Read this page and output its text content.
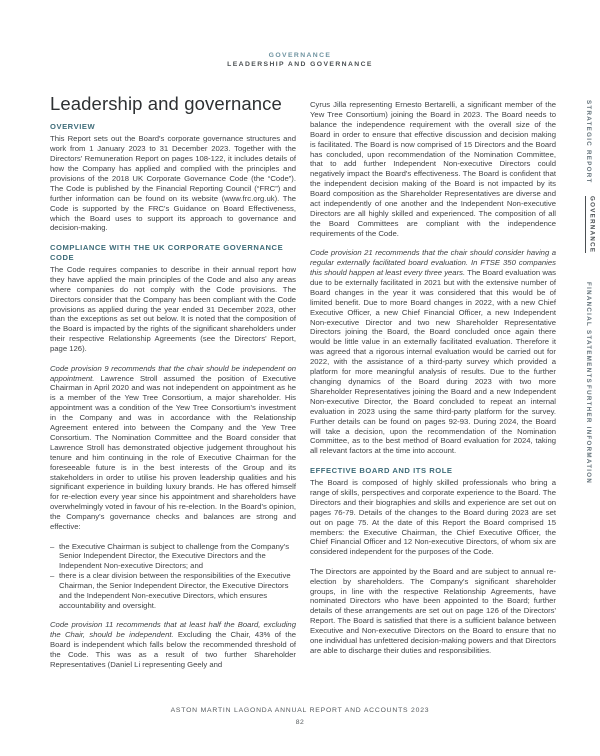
GOVERNANCE
LEADERSHIP AND GOVERNANCE
Leadership and governance
OVERVIEW

This Report sets out the Board's corporate governance structures and work from 1 January 2023 to 31 December 2023. Together with the Directors' Remuneration Report on pages 108-122, it includes details of how the Company has applied and complied with the principles and provisions of the 2018 UK Corporate Governance Code (the “Code”). The Code is published by the Financial Reporting Council (“FRC”) and further information can be found on its website (www.frc.org.uk). The Code is supported by the FRC's Guidance on Board Effectiveness, which the Board uses to support its approach to governance and decision-making.

COMPLIANCE WITH THE UK CORPORATE GOVERNANCE CODE

The Code requires companies to describe in their annual report how they have applied the main principles of the Code and also any areas where companies do not comply with the Code provisions. The Directors consider that the Company has been compliant with the Code provisions as applied during the year ended 31 December 2023, other than the exceptions as set out below. It is noted that the composition of the Board is impacted by the rights of the significant shareholders under their respective Relationship Agreements (see the Directors' Report, page 126).

Code provision 9 recommends that the chair should be independent on appointment. Lawrence Stroll assumed the position of Executive Chairman in April 2020 and was not independent on appointment as he is a member of the Yew Tree Consortium, a major shareholder. His appointment was a condition of the Yew Tree Consortium's investment in the Company and was in accordance with the Relationship Agreement entered into between the Company and the Yew Tree Consortium. The Nomination Committee and the Board consider that Lawrence Stroll has demonstrated objective judgement throughout his tenure and him continuing in the role of Executive Chairman for the foreseeable future is in the best interests of the Group and its stakeholders in order to utilise his proven leadership qualities and his significant experience in building luxury brands. He has offered himself for re-election every year since his appointment and shareholders have overwhelmingly voted in favour of his re-election. In the Board's opinion, the Company's governance checks and balances are strong and effective:

– the Executive Chairman is subject to challenge from the Company's Senior Independent Director, the Executive Directors and the Independent Non-executive Directors; and
– there is a clear division between the responsibilities of the Executive Chairman, the Senior Independent Director, the Executive Directors and the Independent Non-executive Directors, which ensures accountability and oversight.

Code provision 11 recommends that at least half the Board, excluding the Chair, should be independent. Excluding the Chair, 43% of the Board is independent which falls below the recommended threshold of the Code. This was as a result of two further Shareholder Representatives (Daniel Li representing Geely and

Cyrus Jilla representing Ernesto Bertarelli, a significant member of the Yew Tree Consortium) joining the Board in 2023. The Board needs to balance the independence requirement with the overall size of the Board in order to ensure that effective discussion and decision making is facilitated. The Board is now comprised of 15 Directors and the Board has concluded, upon recommendation of the Nomination Committee, that to add further Independent Non-executive Directors could negatively impact the Board's effectiveness. The Board is confident that the independent decision making of the Board is not impacted by its Board composition as the Shareholder Representatives are diverse and act independently of one another and the Independent Non-executive Directors are all highly skilled and experienced. The composition of all the Board Committees are compliant with the independence requirements of the Code.

Code provision 21 recommends that the chair should consider having a regular externally facilitated board evaluation. In FTSE 350 companies this should happen at least every three years. The Board evaluation was due to be externally facilitated in 2021 but with the extensive number of Board changes in the year it was considered that this would be of limited benefit. Due to more Board changes in 2022, with a new Chief Executive Officer, a new Chief Financial Officer, a new Independent Non-executive Director and two new Shareholder Representative Directors joining the Board, the Board concluded once again there would be little value in an externally facilitated evaluation. Therefore it was agreed that a rigorous internal evaluation would be carried out for 2022, with the assistance of a third-party survey which provided a platform for more meaningful analysis of results. Due to the further changing dynamics of the Board during 2023 with two more Shareholder Representatives joining the Board and a new Independent Non-executive Director, the Board concluded to repeat an internal evaluation in 2023 using the same third-party platform for the survey. Further details can be found on pages 92-93. During 2024, the Board will take a decision, upon the recommendation of the Nomination Committee, as to the best method of Board evaluation for 2024, taking all relevant factors at the time into account.

EFFECTIVE BOARD AND ITS ROLE

The Board is composed of highly skilled professionals who bring a range of skills, perspectives and corporate experience to the Board. The Directors and their biographies and skills and experience are set out on pages 76-79. Details of the changes to the Board during 2023 are set out on page 75. At the date of this Report the Board comprised 15 members: the Executive Chairman, the Chief Executive Officer, the Chief Financial Officer and 12 Non-executive Directors, of whom six are considered independent for the purposes of the Code.

The Directors are appointed by the Board and are subject to annual re-election by shareholders. The Company's significant shareholder groups, in line with the respective Relationship Agreements, have nominated Directors who have been appointed to the Board; further details of these arrangements are set out on page 126 of the Directors' Report. The Board is satisfied that there is a sufficient balance between Executive and Non-executive Directors on the Board to ensure that no one individual has unfettered decision-making powers and that Directors are able to discharge their duties and responsibilities.

STRATEGIC REPORT
GOVERNANCE
FINANCIAL STATEMENTS
FURTHER INFORMATION
ASTON MARTIN LAGONDA ANNUAL REPORT AND ACCOUNTS 2023
82
